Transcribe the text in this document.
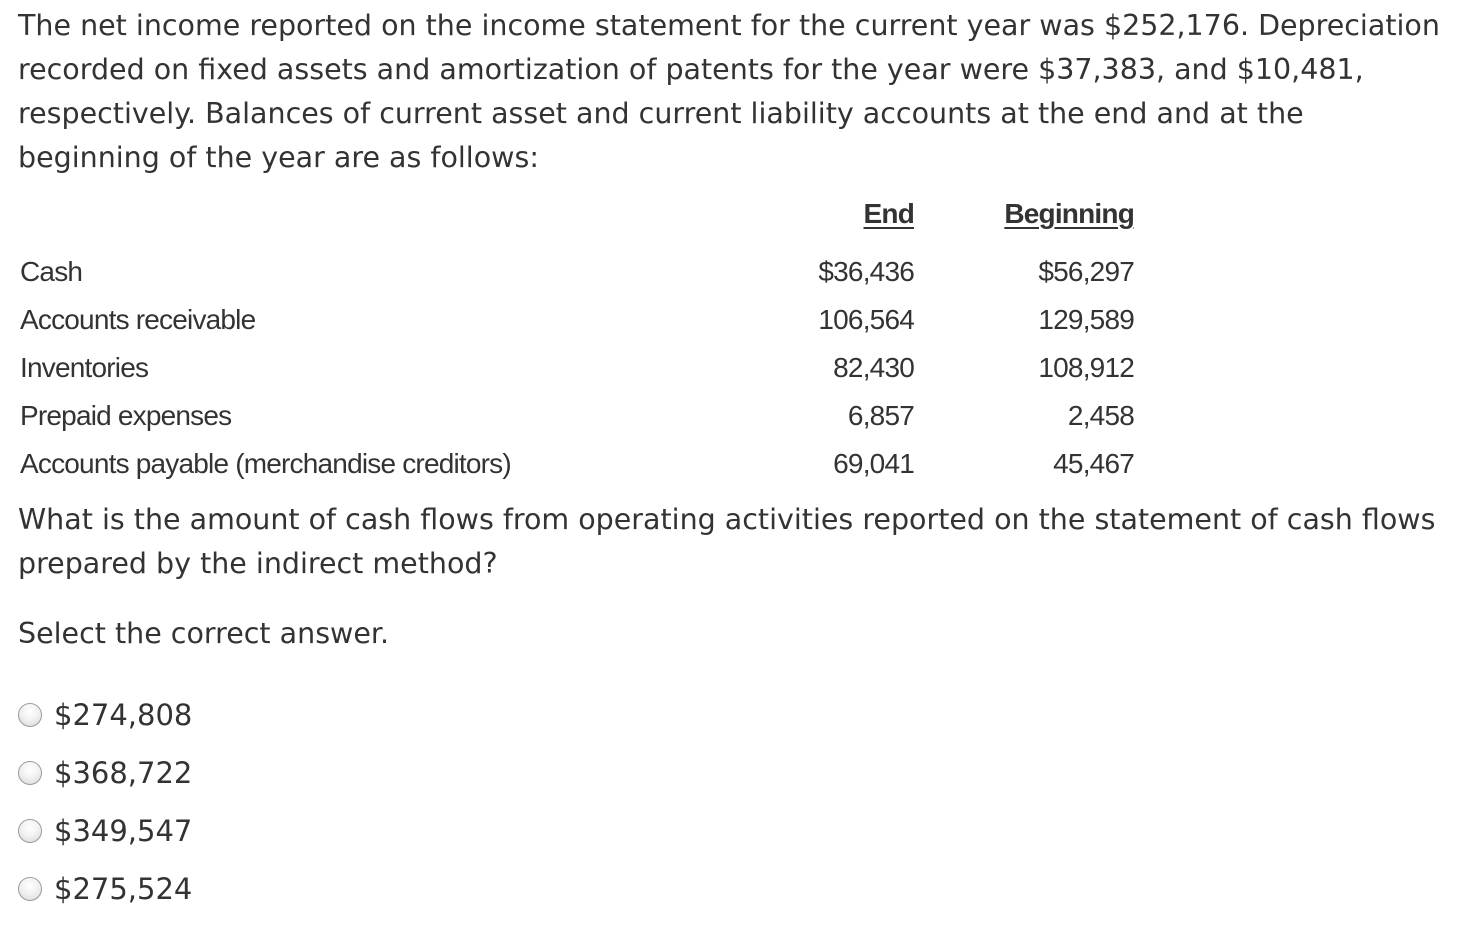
The net income reported on the income statement for the current year was $252,176. Depreciation recorded on fixed assets and amortization of patents for the year were $37,383, and $10,481, respectively. Balances of current asset and current liability accounts at the end and at the beginning of the year are as follows:

	End	Beginning
Cash	$36,436	$56,297
Accounts receivable	106,564	129,589
Inventories	82,430	108,912
Prepaid expenses	6,857	2,458
Accounts payable (merchandise creditors)	69,041	45,467

What is the amount of cash flows from operating activities reported on the statement of cash flows prepared by the indirect method?

Select the correct answer.

$274,808
$368,722
$349,547
$275,524
